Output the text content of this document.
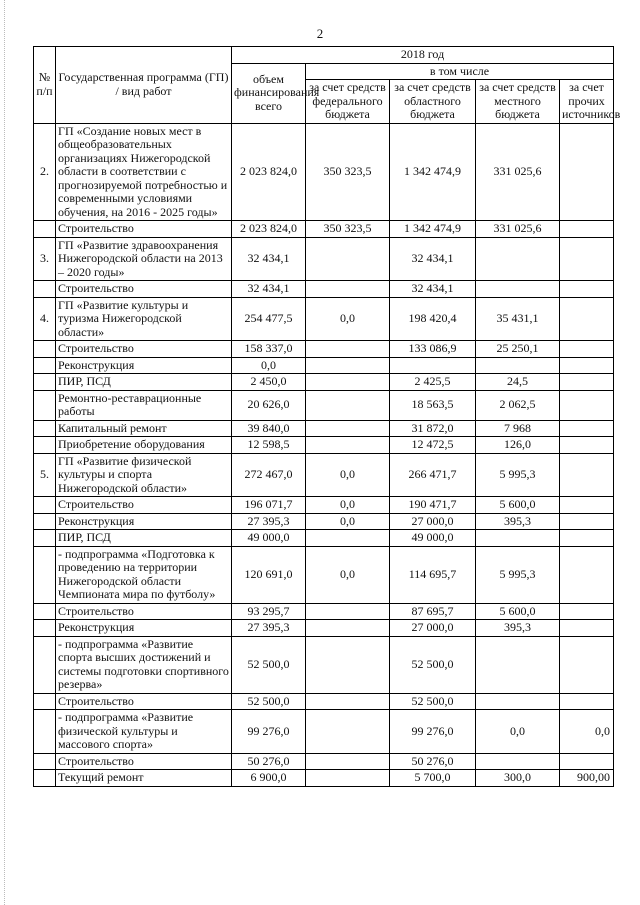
2
№ п/п	Государственная программа (ГП) / вид работ	2018 год				
		объем финансирования всего	в том числе			
			за счет средств федерального бюджета	за счет средств областного бюджета	за счет средств местного бюджета	за счет прочих источников
2.	ГП «Создание новых мест в общеобразовательных организациях Нижегородской области в соответствии с прогнозируемой потребностью и современными условиями обучения, на 2016 - 2025 годы»	2 023 824,0	350 323,5	1 342 474,9	331 025,6	
	Строительство	2 023 824,0	350 323,5	1 342 474,9	331 025,6	
3.	ГП «Развитие здравоохранения Нижегородской области на 2013 – 2020 годы»	32 434,1		32 434,1		
	Строительство	32 434,1		32 434,1		
4.	ГП «Развитие культуры и туризма Нижегородской области»	254 477,5	0,0	198 420,4	35 431,1	
	Строительство	158 337,0		133 086,9	25 250,1	
	Реконструкция	0,0				
	ПИР, ПСД	2 450,0		2 425,5	24,5	
	Ремонтно-реставрационные работы	20 626,0		18 563,5	2 062,5	
	Капитальный ремонт	39 840,0		31 872,0	7 968	
	Приобретение оборудования	12 598,5		12 472,5	126,0	
5.	ГП «Развитие физической культуры и спорта Нижегородской области»	272 467,0	0,0	266 471,7	5 995,3	
	Строительство	196 071,7	0,0	190 471,7	5 600,0	
	Реконструкция	27 395,3	0,0	27 000,0	395,3	
	ПИР, ПСД	49 000,0		49 000,0		
	- подпрограмма «Подготовка к проведению на территории Нижегородской области Чемпионата мира по футболу»	120 691,0	0,0	114 695,7	5 995,3	
	Строительство	93 295,7		87 695,7	5 600,0	
	Реконструкция	27 395,3		27 000,0	395,3	
	- подпрограмма «Развитие спорта высших достижений и системы подготовки спортивного резерва»	52 500,0		52 500,0		
	Строительство	52 500,0		52 500,0		
	- подпрограмма «Развитие физической культуры и массового спорта»	99 276,0		99 276,0	0,0	0,0
	Строительство	50 276,0		50 276,0		
	Текущий ремонт	6 900,0		5 700,0	300,0	900,00
